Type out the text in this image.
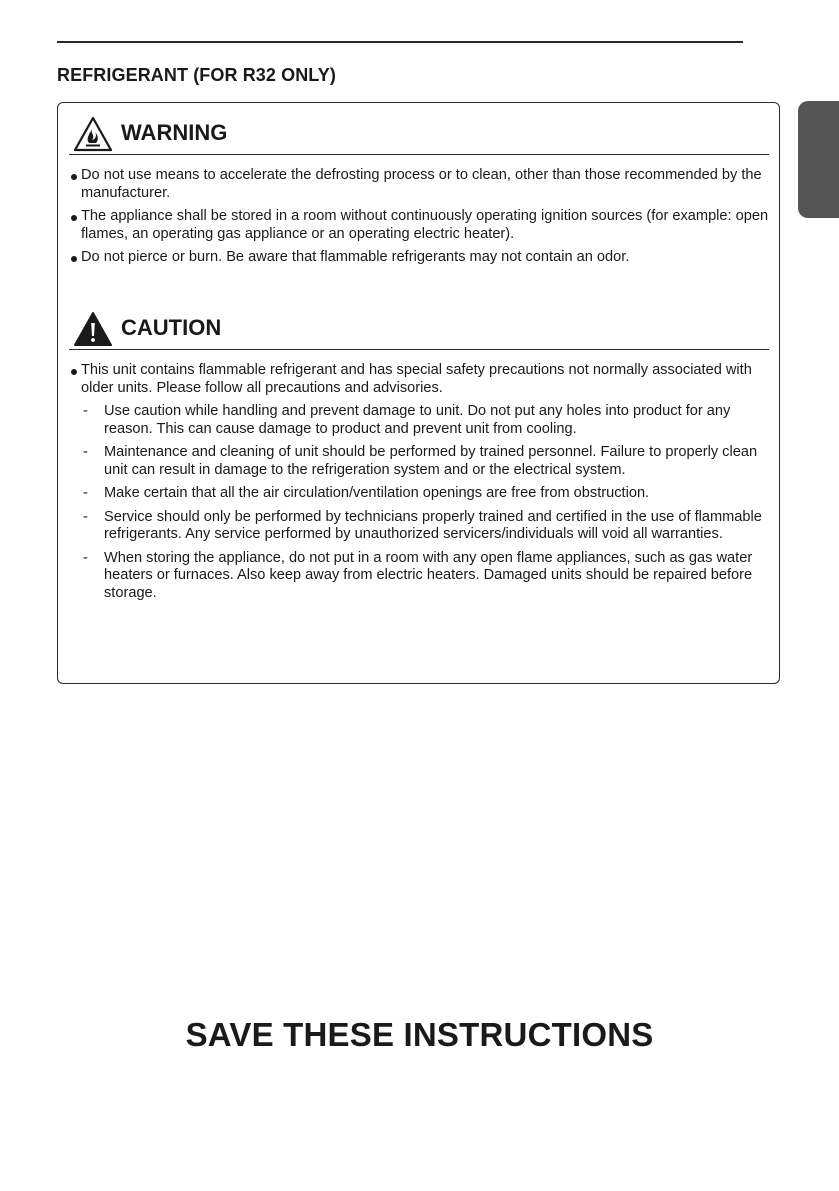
REFRIGERANT (FOR R32 ONLY)
WARNING
Do not use means to accelerate the defrosting process or to clean, other than those recommended by the manufacturer.
The appliance shall be stored in a room without continuously operating ignition sources (for example: open flames, an operating gas appliance or an operating electric heater).
Do not pierce or burn. Be aware that flammable refrigerants may not contain an odor.
CAUTION
This unit contains flammable refrigerant and has special safety precautions not normally associated with older units. Please follow all precautions and advisories.
- Use caution while handling and prevent damage to unit. Do not put any holes into product for any reason. This can cause damage to product and prevent unit from cooling.
- Maintenance and cleaning of unit should be performed by trained personnel. Failure to properly clean unit can result in damage to the refrigeration system and or the electrical system.
- Make certain that all the air circulation/ventilation openings are free from obstruction.
- Service should only be performed by technicians properly trained and certified in the use of flammable refrigerants. Any service performed by unauthorized servicers/individuals will void all warranties.
- When storing the appliance, do not put in a room with any open flame appliances, such as gas water heaters or furnaces. Also keep away from electric heaters. Damaged units should be repaired before storage.
SAVE THESE INSTRUCTIONS
